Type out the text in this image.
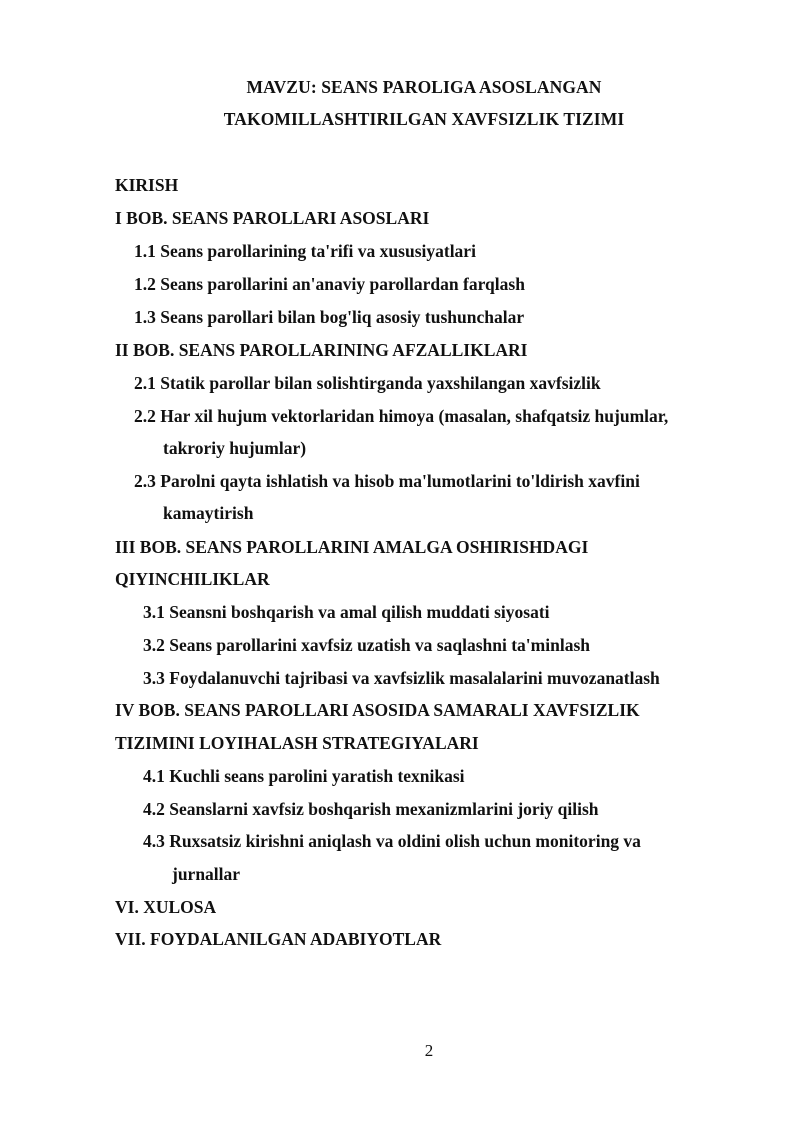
MAVZU: SEANS PAROLIGA ASOSLANGAN
TAKOMILLASHTIRILGAN XAVFSIZLIK TIZIMI
KIRISH
I BOB. SEANS PAROLLARI ASOSLARI
1.1 Seans parollarining ta'rifi va xususiyatlari
1.2 Seans parollarini an'anaviy parollardan farqlash
1.3 Seans parollari bilan bog'liq asosiy tushunchalar
II BOB. SEANS PAROLLARINING AFZALLIKLARI
2.1 Statik parollar bilan solishtirganda yaxshilangan xavfsizlik
2.2 Har xil hujum vektorlaridan himoya (masalan, shafqatsiz hujumlar,
takroriy hujumlar)
2.3 Parolni qayta ishlatish va hisob ma'lumotlarini to'ldirish xavfini
kamaytirish
III BOB. SEANS PAROLLARINI AMALGA OSHIRISHDAGI
QIYINCHILIKLAR
3.1 Seansni boshqarish va amal qilish muddati siyosati
3.2 Seans parollarini xavfsiz uzatish va saqlashni ta'minlash
3.3 Foydalanuvchi tajribasi va xavfsizlik masalalarini muvozanatlash
IV BOB. SEANS PAROLLARI ASOSIDA SAMARALI XAVFSIZLIK
TIZIMINI LOYIHALASH STRATEGIYALARI
4.1 Kuchli seans parolini yaratish texnikasi
4.2 Seanslarni xavfsiz boshqarish mexanizmlarini joriy qilish
4.3 Ruxsatsiz kirishni aniqlash va oldini olish uchun monitoring va
jurnallar
VI. XULOSA
VII. FOYDALANILGAN ADABIYOTLAR
2
